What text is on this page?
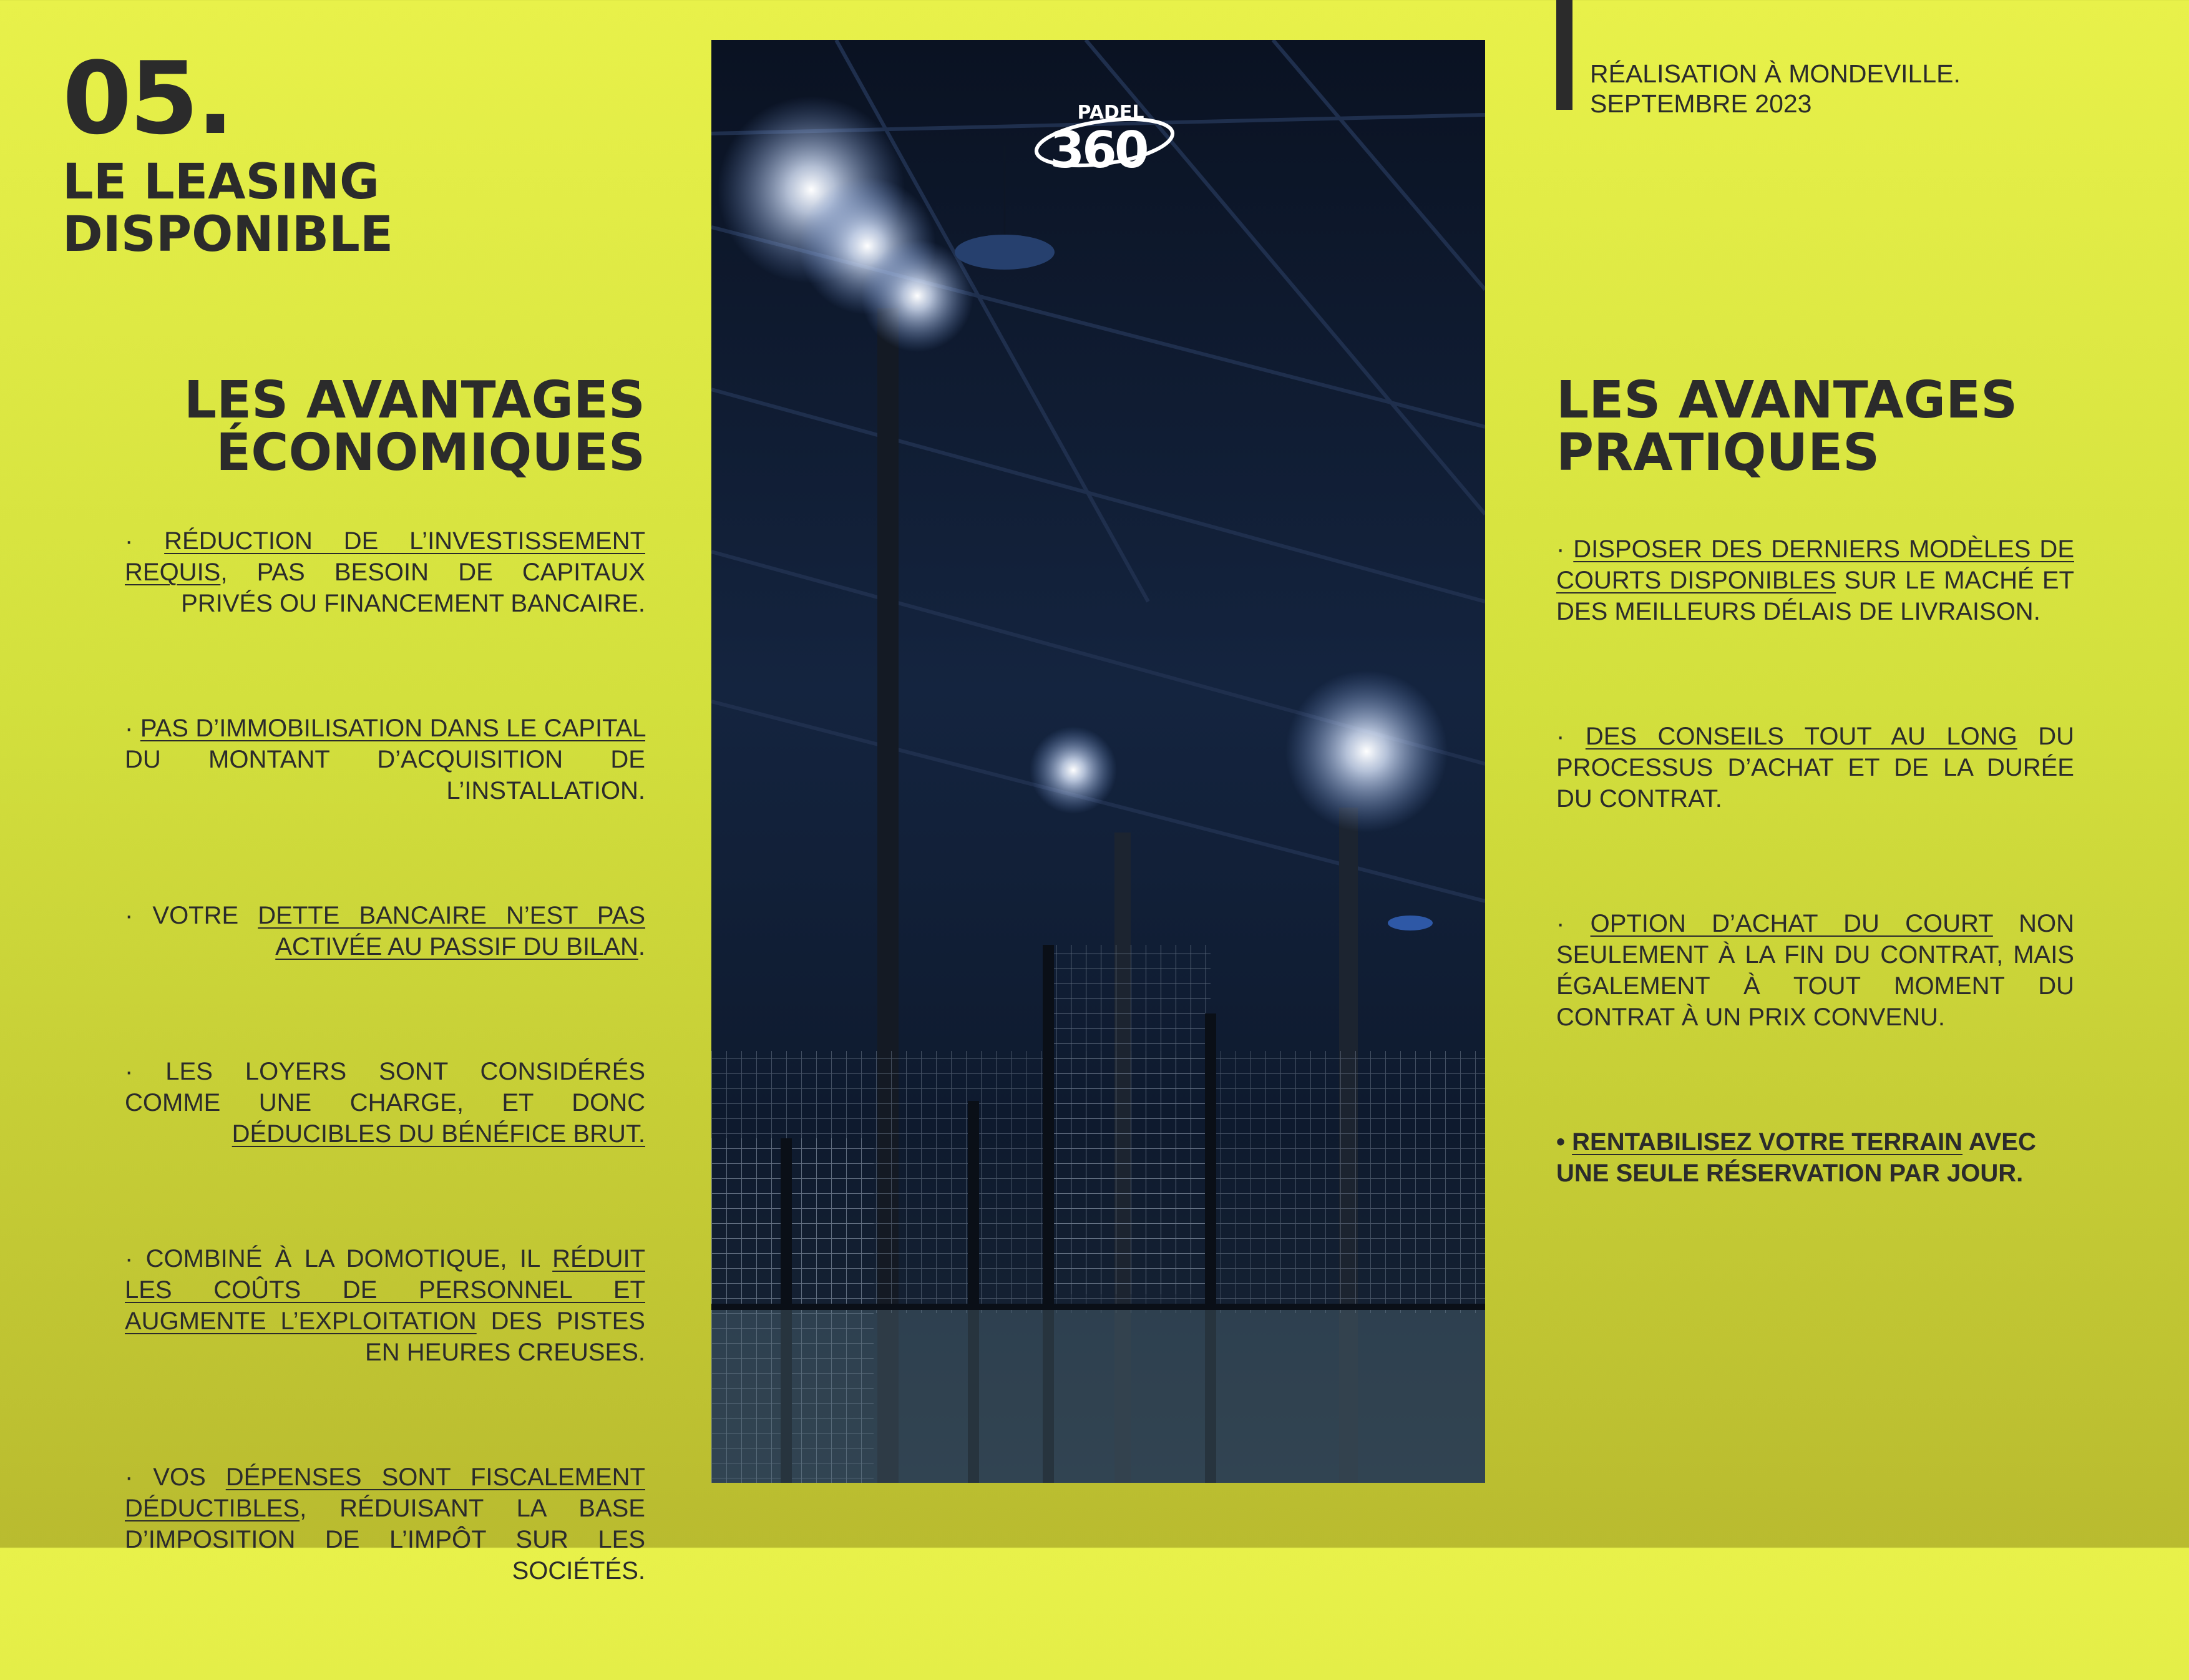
05.
LE LEASING DISPONIBLE
RÉALISATION À MONDEVILLE.
SEPTEMBRE 2023
LES AVANTAGES
ÉCONOMIQUES

· RÉDUCTION DE L’INVESTISSEMENT REQUIS, PAS BESOIN DE CAPITAUX PRIVÉS OU FINANCEMENT BANCAIRE.

· PAS D’IMMOBILISATION DANS LE CAPITAL DU MONTANT D’ACQUISITION DE L’INSTALLATION.

· VOTRE DETTE BANCAIRE N’EST PAS ACTIVÉE AU PASSIF DU BILAN.

· LES LOYERS SONT CONSIDÉRÉS COMME UNE CHARGE, ET DONC DÉDUCIBLES DU BÉNÉFICE BRUT.

· COMBINÉ À LA DOMOTIQUE, IL RÉDUIT LES COÛTS DE PERSONNEL ET AUGMENTE L’EXPLOITATION DES PISTES EN HEURES CREUSES.

· VOS DÉPENSES SONT FISCALEMENT DÉDUCTIBLES, RÉDUISANT LA BASE D’IMPOSITION DE L’IMPÔT SUR LES SOCIÉTÉS.

PADEL
360
LES AVANTAGES
PRATIQUES

· DISPOSER DES DERNIERS MODÈLES DE COURTS DISPONIBLES SUR LE MACHÉ ET DES MEILLEURS DÉLAIS DE LIVRAISON.

· DES CONSEILS TOUT AU LONG DU PROCESSUS D’ACHAT ET DE LA DURÉE DU CONTRAT.

· OPTION D’ACHAT DU COURT NON SEULEMENT À LA FIN DU CONTRAT, MAIS ÉGALEMENT À TOUT MOMENT DU CONTRAT À UN PRIX CONVENU.

• RENTABILISEZ VOTRE TERRAIN AVEC UNE SEULE RÉSERVATION PAR JOUR.
